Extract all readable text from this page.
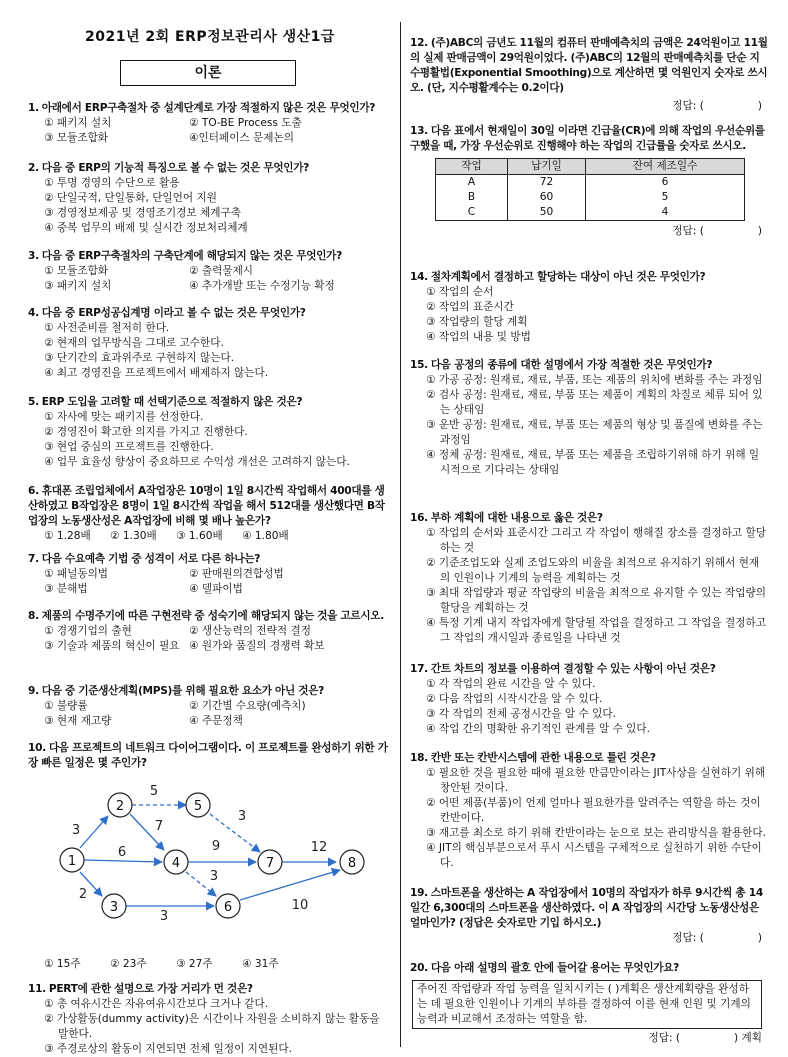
2021년 2회 ERP정보관리사 생산1급
이론
1. 아래에서 ERP구축절차 중 설계단계로 가장 적절하지 않은 것은 무엇인가?
① 패키지 설치	② TO-BE Process 도출
③ 모듈조합화	④인터페이스 문제논의
2. 다음 중 ERP의 기능적 특징으로 볼 수 없는 것은 무엇인가?
① 투명 경영의 수단으로 활용
② 단일국적, 단일통화, 단일언어 지원
③ 경영정보제공 및 경영조기경보 체계구축
④ 중복 업무의 배제 및 실시간 정보처리체계
3. 다음 중 ERP구축절차의 구축단계에 해당되지 않는 것은 무엇인가?
① 모듈조합화	② 출력물제시
③ 패키지 설치	④ 추가개발 또는 수정기능 확정
4. 다음 중 ERP성공십계명 이라고 볼 수 없는 것은 무엇인가?
① 사전준비를 철저히 한다.
② 현재의 업무방식을 그대로 고수한다.
③ 단기간의 효과위주로 구현하지 않는다.
④ 최고 경영진을 프로젝트에서 배제하지 않는다.
5. ERP 도입을 고려할 때 선택기준으로 적절하지 않은 것은?
① 자사에 맞는 패키지를 선정한다.
② 경영진이 확고한 의지를 가지고 진행한다.
③ 현업 중심의 프로젝트를 진행한다.
④ 업무 효율성 향상이 중요하므로 수익성 개선은 고려하지 않는다.
6. 휴대폰 조립업체에서 A작업장은 10명이 1일 8시간씩 작업해서 400대를 생산하였고 B작업장은 8명이 1일 8시간씩 작업을 해서 512대를 생산했다면 B작업장의 노동생산성은 A작업장에 비해 몇 배나 높은가?
① 1.28배	② 1.30배	③ 1.60배	④ 1.80배
7. 다음 수요예측 기법 중 성격이 서로 다른 하나는?
① 패널동의법	② 판매원의견합성법
③ 분해법	④ 델파이법
8. 제품의 수명주기에 따른 구현전략 중 성숙기에 해당되지 않는 것을 고르시오.
① 경쟁기업의 출현	② 생산능력의 전략적 결정
③ 기술과 제품의 혁신이 필요 ④ 원가와 품질의 경쟁력 확보
9. 다음 중 기준생산계획(MPS)를 위해 필요한 요소가 아닌 것은?
① 불량률	② 기간별 수요량(예측치)
③ 현재 재고량	④ 주문정책
10. 다음 프로젝트의 네트워크 다이어그램이다. 이 프로젝트를 완성하기 위한 가장 빠른 일정은 몇 주인가?
3
6
2
5
7
3
9
3
3
12
10
1
2
3
4
5
6
7	8
① 15주	② 23주	③ 27주	④ 31주
11. PERT에 관한 설명으로 가장 거리가 먼 것은?
① 총 여유시간은 자유여유시간보다 크거나 같다.
② 가상활동(dummy activity)은 시간이나 자원을 소비하지 않는 활동을 말한다.
③ 주경로상의 활동이 지연되면 전체 일정이 지연된다.
12. (주)ABC의 금년도 11월의 컴퓨터 판매예측치의 금액은 24억원이고 11월의 실제 판매금액이 29억원이었다. (주)ABC의 12월의 판매예측치를 단순 지수평활법(Exponential Smoothing)으로 계산하면 몇 억원인지 숫자로 쓰시오. (단, 지수평활계수는 0.2이다)
정답: (	)
13. 다음 표에서 현재일이 30일 이라면 긴급율(CR)에 의해 작업의 우선순위를 구했을 때, 가장 우선순위로 진행해야 하는 작업의 긴급률을 숫자로 쓰시오.
작업	납기일	잔여 제조일수
A	72	6
B	60	5
C	50	4
정답: (	)
14. 절차계획에서 결정하고 할당하는 대상이 아닌 것은 무엇인가?
① 작업의 순서
② 작업의 표준시간
③ 작업량의 할당 계획
④ 작업의 내용 및 방법
15. 다음 공정의 종류에 대한 설명에서 가장 적절한 것은 무엇인가?
① 가공 공정: 원재료, 재료, 부품, 또는 제품의 위치에 변화를 주는 과정임
② 검사 공정: 원재료, 재료, 부품 또는 제품이 계획의 차질로 체류 되어 있는 상태임
③ 운반 공정: 원재료, 재료, 부품 또는 제품의 형상 및 품질에 변화를 주는 과정임
④ 정체 공정: 원재료, 재료, 부품 또는 제품을 조립하기위해 하기 위해 일시적으로 기다리는 상태임
16. 부하 계획에 대한 내용으로 옳은 것은?
① 작업의 순서와 표준시간 그리고 각 작업이 행해질 장소를 결정하고 할당하는 것
② 기준조업도와 실제 조업도와의 비율을 최적으로 유지하기 위해서 현재의 인원이나 기계의 능력을 계획하는 것
③ 최대 작업량과 평균 작업량의 비율을 최적으로 유지할 수 있는 작업량의 할당을 계획하는 것
④ 특정 기계 내지 작업자에게 할당될 작업을 결정하고 그 작업을 결정하고 그 작업의 개시일과 종료일을 나타낸 것
17. 간트 차트의 정보를 이용하여 결정할 수 있는 사항이 아닌 것은?
① 각 작업의 완료 시간을 알 수 있다.
② 다음 작업의 시작시간을 알 수 있다.
③ 각 작업의 전체 공정시간을 알 수 있다.
④ 작업 간의 명확한 유기적인 관계를 알 수 있다.
18. 칸반 또는 칸반시스템에 관한 내용으로 틀린 것은?
① 필요한 것을 필요한 때에 필요한 만큼만이라는 JIT사상을 실현하기 위해 창안된 것이다.
② 어떤 제품(부품)이 언제 얼마나 필요한가를 알려주는 역할을 하는 것이 칸반이다.
③ 재고를 최소로 하기 위해 칸반이라는 눈으로 보는 관리방식을 활용한다.
④ JIT의 핵심부분으로서 푸시 시스템을 구체적으로 실천하기 위한 수단이다.
19. 스마트폰을 생산하는 A 작업장에서 10명의 작업자가 하루 9시간씩 총 14일간 6,300대의 스마트폰을 생산하였다. 이 A 작업장의 시간당 노동생산성은 얼마인가? (정답은 숫자로만 기입 하시오.)
정답: (	)
20. 다음 아래 설명의 괄호 안에 들어갈 용어는 무엇인가요?
주어진 작업량과 작업 능력을 일치시키는 ( )계획은 생산계획량을 완성하는 데 필요한 인원이나 기계의 부하를 결정하여 이를 현재 인원 및 기계의 능력과 비교해서 조정하는 역할을 함.
정답: (	) 계획
